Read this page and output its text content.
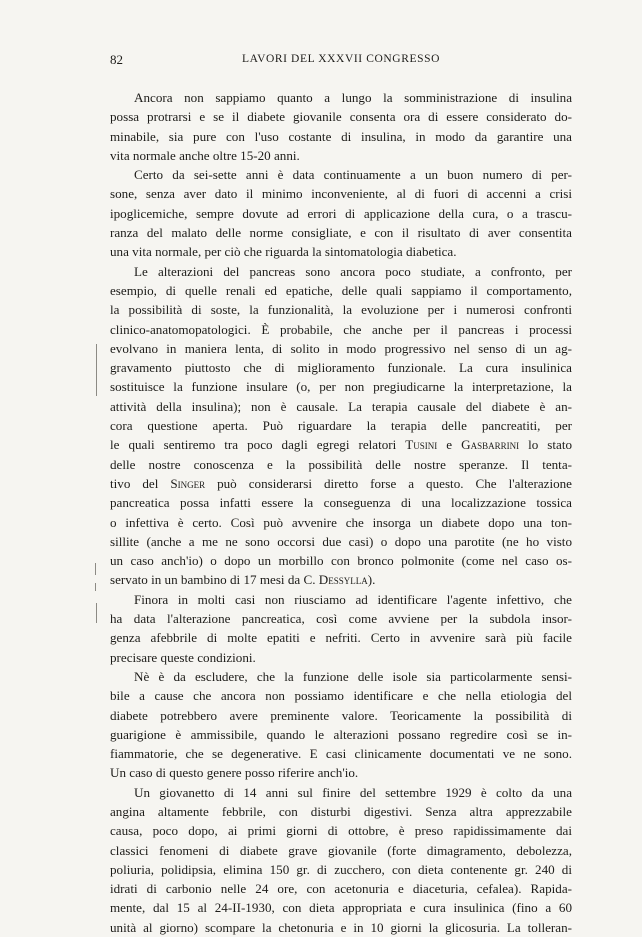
82	LAVORI DEL XXXVII CONGRESSO
Ancora non sappiamo quanto a lungo la somministrazione di insulina
possa protrarsi e se il diabete giovanile consenta ora di essere considerato do-
minabile, sia pure con l'uso costante di insulina, in modo da garantire una
vita normale anche oltre 15-20 anni.
Certo da sei-sette anni è data continuamente a un buon numero di per-
sone, senza aver dato il minimo inconveniente, al di fuori di accenni a crisi
ipoglicemiche, sempre dovute ad errori di applicazione della cura, o a trascu-
ranza del malato delle norme consigliate, e con il risultato di aver consentita
una vita normale, per ciò che riguarda la sintomatologia diabetica.
Le alterazioni del pancreas sono ancora poco studiate, a confronto, per
esempio, di quelle renali ed epatiche, delle quali sappiamo il comportamento,
la possibilità di soste, la funzionalità, la evoluzione per i numerosi confronti
clinico-anatomopatologici. È probabile, che anche per il pancreas i processi
evolvano in maniera lenta, di solito in modo progressivo nel senso di un ag-
gravamento piuttosto che di miglioramento funzionale. La cura insulinica
sostituisce la funzione insulare (o, per non pregiudicarne la interpretazione, la
attività della insulina); non è causale. La terapia causale del diabete è an-
cora questione aperta. Può riguardare la terapia delle pancreatiti, per
le quali sentiremo tra poco dagli egregi relatori Tusini e Gasbarrini lo stato
delle nostre conoscenza e la possibilità delle nostre speranze. Il tenta-
tivo del Singer può considerarsi diretto forse a questo. Che l'alterazione
pancreatica possa infatti essere la conseguenza di una localizzazione tossica
o infettiva è certo. Così può avvenire che insorga un diabete dopo una ton-
sillite (anche a me ne sono occorsi due casi) o dopo una parotite (ne ho visto
un caso anch'io) o dopo un morbillo con bronco polmonite (come nel caso os-
servato in un bambino di 17 mesi da C. Dessylla).
Finora in molti casi non riusciamo ad identificare l'agente infettivo, che
ha data l'alterazione pancreatica, così come avviene per la subdola insor-
genza afebbrile di molte epatiti e nefriti. Certo in avvenire sarà più facile
precisare queste condizioni.
Nè è da escludere, che la funzione delle isole sia particolarmente sensi-
bile a cause che ancora non possiamo identificare e che nella etiologia del
diabete potrebbero avere preminente valore. Teoricamente la possibilità di
guarigione è ammissibile, quando le alterazioni possano regredire così se in-
fiammatorie, che se degenerative. E casi clinicamente documentati ve ne sono.
Un caso di questo genere posso riferire anch'io.
Un giovanetto di 14 anni sul finire del settembre 1929 è colto da una
angina altamente febbrile, con disturbi digestivi. Senza altra apprezzabile
causa, poco dopo, ai primi giorni di ottobre, è preso rapidissimamente dai
classici fenomeni di diabete grave giovanile (forte dimagramento, debolezza,
poliuria, polidipsia, elimina 150 gr. di zucchero, con dieta contenente gr. 240 di
idrati di carbonio nelle 24 ore, con acetonuria e diaceturia, cefalea). Rapida-
mente, dal 15 al 24-II-1930, con dieta appropriata e cura insulinica (fino a 60
unità al giorno) scompare la chetonuria e in 10 giorni la glicosuria. La tolleran-
